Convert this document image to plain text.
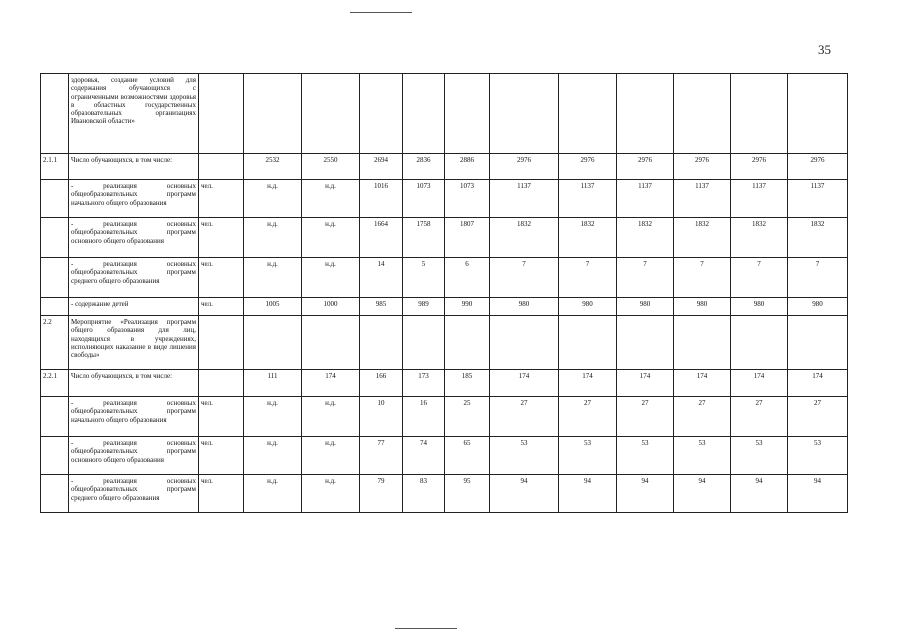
35
	здоровья, создание условий для содержания обучающихся с ограниченными возможностями здоровья в областных государственных образовательных организациях Ивановской области»												
2.1.1	Число обучающихся, в том числе:		2532	2550	2694	2836	2886	2976	2976	2976	2976	2976	2976
	- реализация основных общеобразовательных программ начального общего образования	чел.	н.д.	н.д.	1016	1073	1073	1137	1137	1137	1137	1137	1137
	- реализация основных общеобразовательных программ основного общего образования	чел.	н.д.	н.д.	1664	1758	1807	1832	1832	1832	1832	1832	1832
	- реализация основных общеобразовательных программ среднего общего образования	чел.	н.д.	н.д.	14	5	6	7	7	7	7	7	7
	- содержание детей	чел.	1005	1000	985	989	990	980	980	980	980	980	980
2.2	Мероприятие «Реализация программ общего образования для лиц, находящихся в учреждениях, исполняющих наказание в виде лишения свободы»												
2.2.1	Число обучающихся, в том числе:		111	174	166	173	185	174	174	174	174	174	174
	- реализация основных общеобразовательных программ начального общего образования	чел.	н.д.	н.д.	10	16	25	27	27	27	27	27	27
	- реализация основных общеобразовательных программ основного общего образования	чел.	н.д.	н.д.	77	74	65	53	53	53	53	53	53
	- реализация основных общеобразовательных программ среднего общего образования	чел.	н.д.	н.д.	79	83	95	94	94	94	94	94	94
